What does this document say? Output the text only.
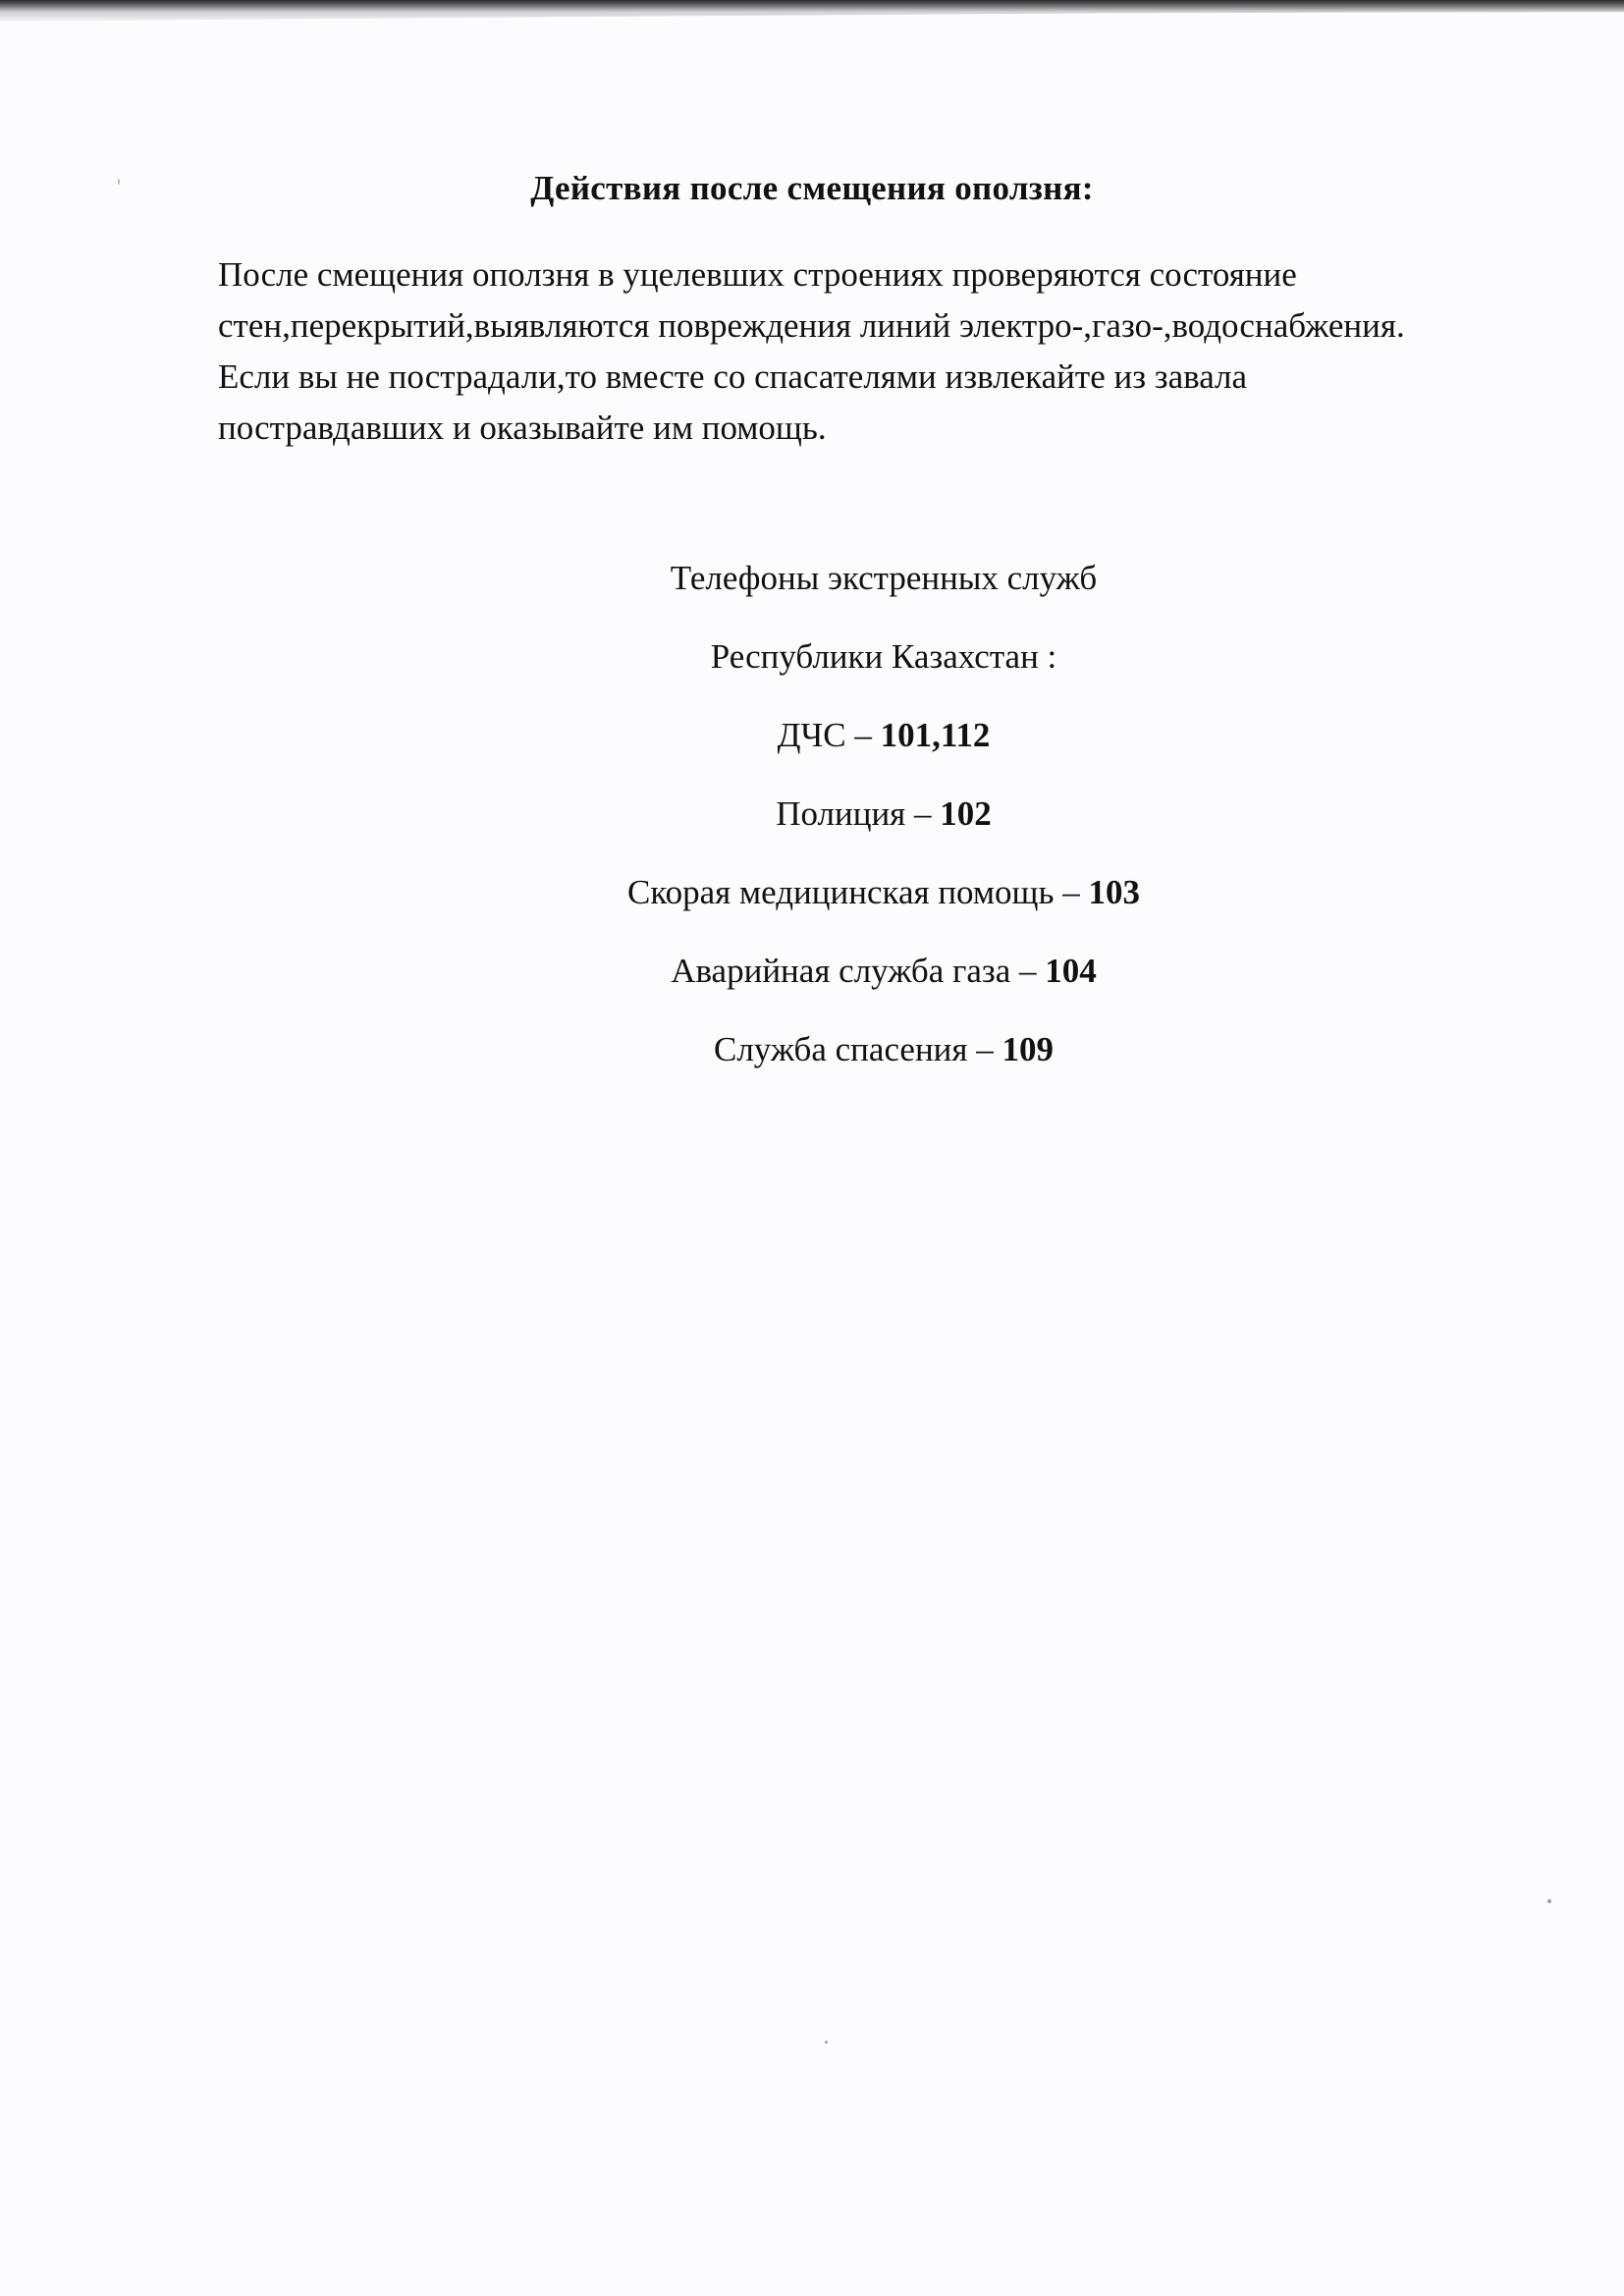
Действия после смещения оползня:
После смещения оползня в уцелевших строениях проверяются состояние
стен,перекрытий,выявляются повреждения линий электро-,газо-,водоснабжения.
Если вы не пострадали,то вместе со спасателями извлекайте из завала
постравдавших и оказывайте им помощь.
Телефоны экстренных служб
Республики Казахстан :
ДЧС – 101,112
Полиция – 102
Скорая медицинская помощь – 103
Аварийная служба газа – 104
Служба спасения – 109
